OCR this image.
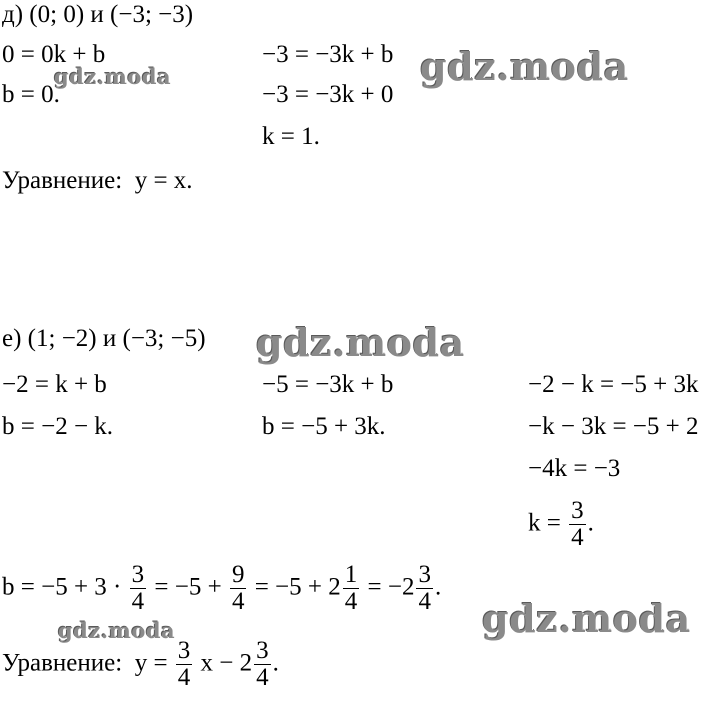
д) (0; 0) и (−3; −3)
0 = 0k + b
b = 0.
−3 = −3k + b
−3 = −3k + 0
k = 1.
Уравнение: y = x.
е) (1; −2) и (−3; −5)
−2 = k + b
b = −2 − k.
−5 = −3k + b
b = −5 + 3k.
−2 − k = −5 + 3k
−k − 3k = −5 + 2
−4k = −3
$k = \frac{3}{4}$ .
$b = -5 + 3 \cdot \frac{3}{4} = -5 + \frac{9}{4} = -5 + 2 \frac{1}{4} = -2 \frac{3}{4}$ .
Уравнение: $y = \frac{3}{4}$ $x - 2 \frac{3}{4}$ .
gdz.moda
gdz.moda
gdz.moda
gdz.moda
gdz.moda
